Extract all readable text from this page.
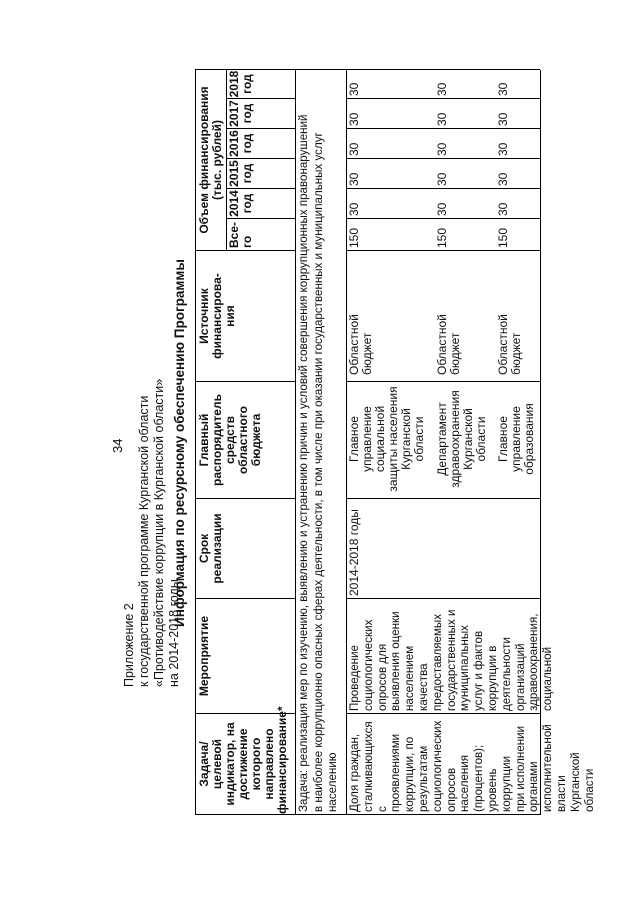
34
Приложение 2 к государственной программе Курганской области «Противодействие коррупции в Курганской области» на 2014-2018 годы
Информация по ресурсному обеспечению Программы
Задача/
целевой
индикатор, на
достижение
которого
направлено
финансирование*
Мероприятие
Срок
реализации
Главный
распорядитель
средств
областного
бюджета
Источник
финансирова-
ния
Объем финансирования
(тыс. рублей)
Все-
го
2014
год
2015
год
2016
год
2017
год
2018
год
Задача: реализация мер по изучению, выявлению и устранению причин и условий совершения коррупционных правонарушений
в наиболее коррупционно опасных сферах деятельности, в том числе при оказании государственных и муниципальных услуг
населению Доля граждан,
сталкивающихся с
проявлениями
коррупции, по
результатам
социологических
опросов
населения
(процентов);
уровень коррупции
при исполнении
органами
исполнительной
власти Курганской
области
Проведение
социологических
опросов для
выявления оценки
населением
качества
предоставляемых
государственных и
муниципальных
услуг и фактов
коррупции в
деятельности
организаций
здравоохранения,
социальной
2014-2018 годы
Главное
управление
социальной
защиты населения
Курганской
области
Областной
бюджет
150
30
30
30
30
30
Департамент
здравоохранения
Курганской
области
Областной
бюджет
150
30
30
30
30
30
Главное
управление
образования
Областной
бюджет
150
30
30
30
30
30
